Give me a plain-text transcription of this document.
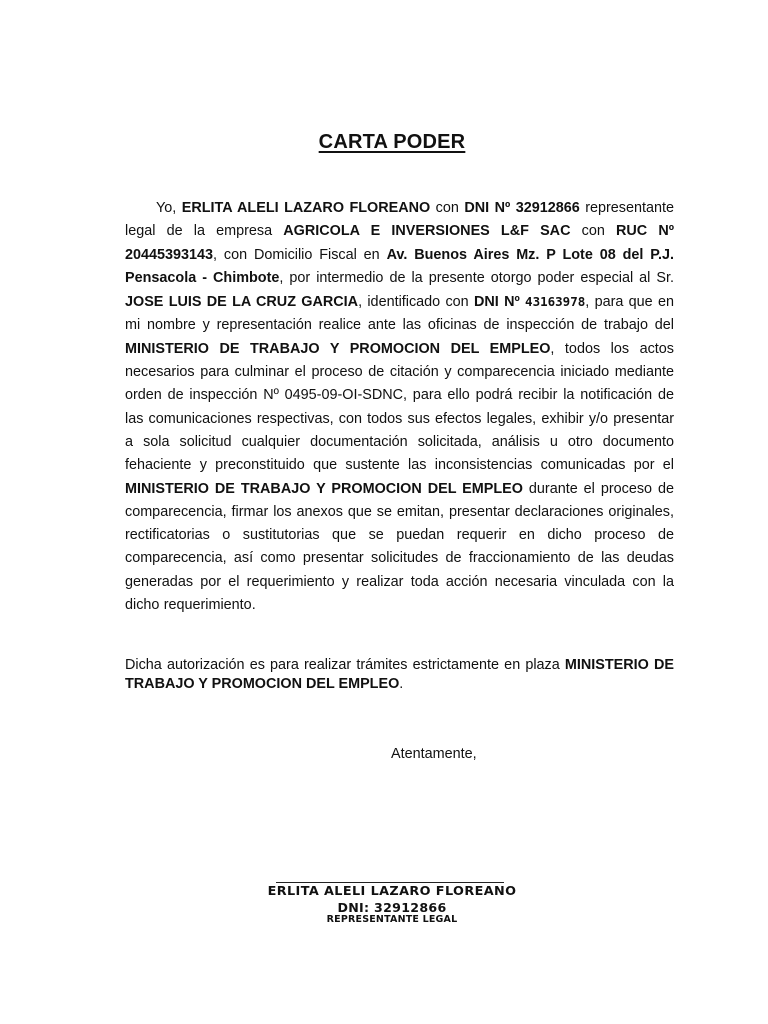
CARTA PODER

Yo, ERLITA ALELI LAZARO FLOREANO con DNI Nº 32912866 representante legal de la empresa AGRICOLA E INVERSIONES L&F SAC con RUC Nº 20445393143, con Domicilio Fiscal en Av. Buenos Aires Mz. P Lote 08 del P.J. Pensacola - Chimbote, por intermedio de la presente otorgo poder especial al Sr. JOSE LUIS DE LA CRUZ GARCIA, identificado con DNI Nº 43163978, para que en mi nombre y representación realice ante las oficinas de inspección de trabajo del MINISTERIO DE TRABAJO Y PROMOCION DEL EMPLEO, todos los actos necesarios para culminar el proceso de citación y comparecencia iniciado mediante orden de inspección Nº 0495-09-OI-SDNC, para ello podrá recibir la notificación de las comunicaciones respectivas, con todos sus efectos legales, exhibir y/o presentar a sola solicitud cualquier documentación solicitada, análisis u otro documento fehaciente y preconstituido que sustente las inconsistencias comunicadas por el MINISTERIO DE TRABAJO Y PROMOCION DEL EMPLEO durante el proceso de comparecencia, firmar los anexos que se emitan, presentar declaraciones originales, rectificatorias o sustitutorias que se puedan requerir en dicho proceso de comparecencia, así como presentar solicitudes de fraccionamiento de las deudas generadas por el requerimiento y realizar toda acción necesaria vinculada con la dicho requerimiento.

Dicha autorización es para realizar trámites estrictamente en plaza MINISTERIO DE TRABAJO Y PROMOCION DEL EMPLEO.

Atentamente,
ERLITA ALELI LAZARO FLOREANO
DNI: 32912866
REPRESENTANTE LEGAL
